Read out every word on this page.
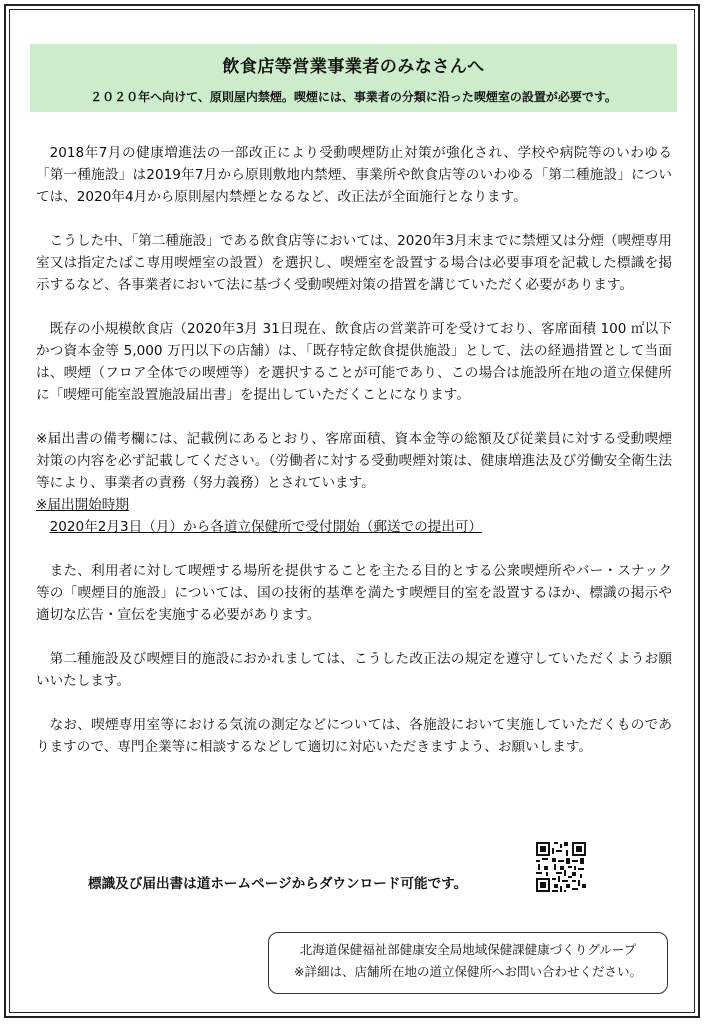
飲食店等営業事業者のみなさんへ
２０２０年へ向けて、原則屋内禁煙。喫煙には、事業者の分類に沿った喫煙室の設置が必要です。

2018年7月の健康増進法の一部改正により受動喫煙防止対策が強化され、学校や病院等のいわゆる「第一種施設」は2019年7月から原則敷地内禁煙、事業所や飲食店等のいわゆる「第二種施設」については、2020年4月から原則屋内禁煙となるなど、改正法が全面施行となります。

こうした中、「第二種施設」である飲食店等においては、2020年3月末までに禁煙又は分煙（喫煙専用室又は指定たばこ専用喫煙室の設置）を選択し、喫煙室を設置する場合は必要事項を記載した標識を掲示するなど、各事業者において法に基づく受動喫煙対策の措置を講じていただく必要があります。

既存の小規模飲食店（2020年3月 31日現在、飲食店の営業許可を受けており、客席面積 100 ㎡以下かつ資本金等 5,000 万円以下の店舗）は、「既存特定飲食提供施設」として、法の経過措置として当面は、喫煙（フロア全体での喫煙等）を選択することが可能であり、この場合は施設所在地の道立保健所に「喫煙可能室設置施設届出書」を提出していただくことになります。

※届出書の備考欄には、記載例にあるとおり、客席面積、資本金等の総額及び従業員に対する受動喫煙対策の内容を必ず記載してください。（労働者に対する受動喫煙対策は、健康増進法及び労働安全衛生法等により、事業者の責務（努力義務）とされています。

※届出開始時期

2020年2月3日（月）から各道立保健所で受付開始（郵送での提出可）

また、利用者に対して喫煙する場所を提供することを主たる目的とする公衆喫煙所やバー・スナック等の「喫煙目的施設」については、国の技術的基準を満たす喫煙目的室を設置するほか、標識の掲示や適切な広告・宣伝を実施する必要があります。

第二種施設及び喫煙目的施設におかれましては、こうした改正法の規定を遵守していただくようお願いいたします。

なお、喫煙専用室等における気流の測定などについては、各施設において実施していただくものでありますので、専門企業等に相談するなどして適切に対応いただきますよう、お願いします。

標識及び届出書は道ホームページからダウンロード可能です。
北海道保健福祉部健康安全局地域保健課健康づくりグループ
※詳細は、店舗所在地の道立保健所へお問い合わせください。
